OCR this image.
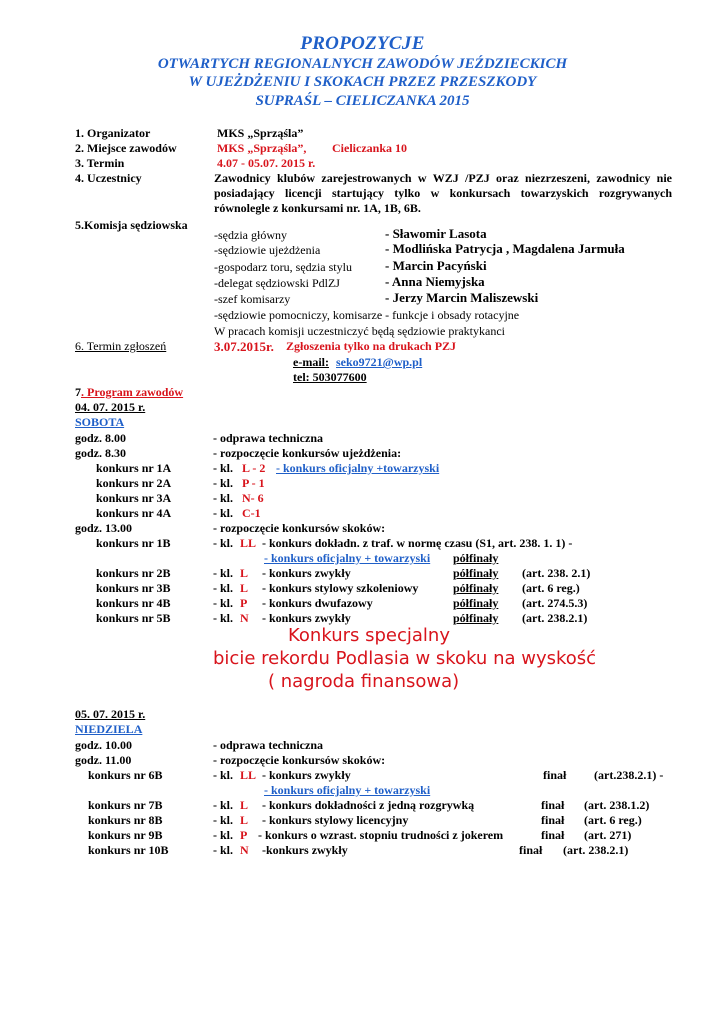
PROPOZYCJE
OTWARTYCH REGIONALNYCH ZAWODÓW JEŹDZIECKICH
W UJEŻDŻENIU I SKOKACH PRZEZ PRZESZKODY
SUPRAŚL – CIELICZANKA 2015
1. Organizator	MKS „Sprząśla”
2. Miejsce zawodów	MKS „Sprząśla”, Cieliczanka 10
3. Termin	4.07 - 05.07. 2015 r.
4. Uczestnicy	Zawodnicy klubów zarejestrowanych w WZJ /PZJ oraz niezrzeszeni, zawodnicy nie posiadający licencji startujący tylko w konkursach towarzyskich rozgrywanych równolegle z konkursami nr. 1A, 1B, 6B.
5.Komisja sędziowska
-sędzia główny	- Sławomir Lasota
-sędziowie ujeżdżenia	- Modlińska Patrycja , Magdalena Jarmuła
-gospodarz toru, sędzia stylu	- Marcin Pacyński
-delegat sędziowski PdlZJ	- Anna Niemyjska
-szef komisarzy	- Jerzy Marcin Maliszewski
-sędziowie pomocniczy, komisarze - funkcje i obsady rotacyjne
W pracach komisji uczestniczyć będą sędziowie praktykanci
6. Termin zgłoszeń	3.07.2015r. Zgłoszenia tylko na drukach PZJ
e-mail: seko9721@wp.pl
tel: 503077600
7. Program zawodów
04. 07. 2015 r.
SOBOTA
godz. 8.00	- odprawa techniczna
godz. 8.30	- rozpoczęcie konkursów ujeżdżenia:
konkurs nr 1A	- kl. L - 2 - konkurs oficjalny +towarzyski
konkurs nr 2A	- kl. P - 1
konkurs nr 3A	- kl. N- 6
konkurs nr 4A	- kl. C-1
godz. 13.00	- rozpoczęcie konkursów skoków:
konkurs nr 1B	- kl. LL - konkurs dokładn. z traf. w normę czasu (S1, art. 238. 1. 1) -
- konkurs oficjalny + towarzyski półfinały
konkurs nr 2B	- kl. L - konkurs zwykły	półfinały (art. 238. 2.1)
konkurs nr 3B	- kl. L - konkurs stylowy szkoleniowy	półfinały (art. 6 reg.)
konkurs nr 4B	- kl. P - konkurs dwufazowy	półfinały (art. 274.5.3)
konkurs nr 5B	- kl. N - konkurs zwykły	półfinały (art. 238.2.1)
Konkurs specjalny
bicie rekordu Podlasia w skoku na wyskość
( nagroda finansowa)
05. 07. 2015 r.
NIEDZIELA
godz. 10.00	- odprawa techniczna
godz. 11.00	- rozpoczęcie konkursów skoków:
konkurs nr 6B	- kl. LL - konkurs zwykły	finał (art.238.2.1) -
- konkurs oficjalny + towarzyski
konkurs nr 7B	- kl. L - konkurs dokładności z jedną rozgrywką	finał (art. 238.1.2)
konkurs nr 8B	- kl. L - konkurs stylowy licencyjny	finał (art. 6 reg.)
konkurs nr 9B	- kl. P - konkurs o wzrast. stopniu trudności z jokerem	finał (art. 271)
konkurs nr 10B	- kl. N -konkurs zwykły	finał (art. 238.2.1)
